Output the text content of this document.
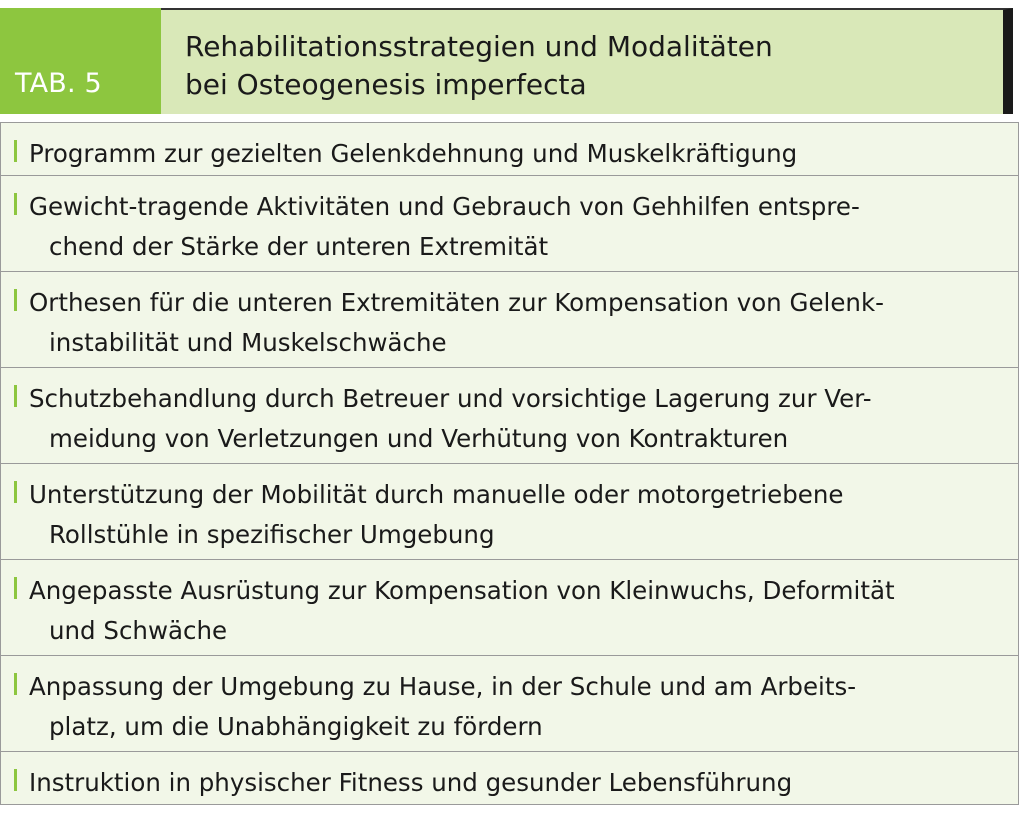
TAB. 5
Rehabilitationsstrategien und Modalitäten
bei Osteogenesis imperfecta
Programm zur gezielten Gelenkdehnung und Muskelkräftigung
Gewicht-tragende Aktivitäten und Gebrauch von Gehhilfen entspre-
chend der Stärke der unteren Extremität
Orthesen für die unteren Extremitäten zur Kompensation von Gelenk-
instabilität und Muskelschwäche
Schutzbehandlung durch Betreuer und vorsichtige Lagerung zur Ver-
meidung von Verletzungen und Verhütung von Kontrakturen
Unterstützung der Mobilität durch manuelle oder motorgetriebene
Rollstühle in spezifischer Umgebung
Angepasste Ausrüstung zur Kompensation von Kleinwuchs, Deformität
und Schwäche
Anpassung der Umgebung zu Hause, in der Schule und am Arbeits-
platz, um die Unabhängigkeit zu fördern
Instruktion in physischer Fitness und gesunder Lebensführung
